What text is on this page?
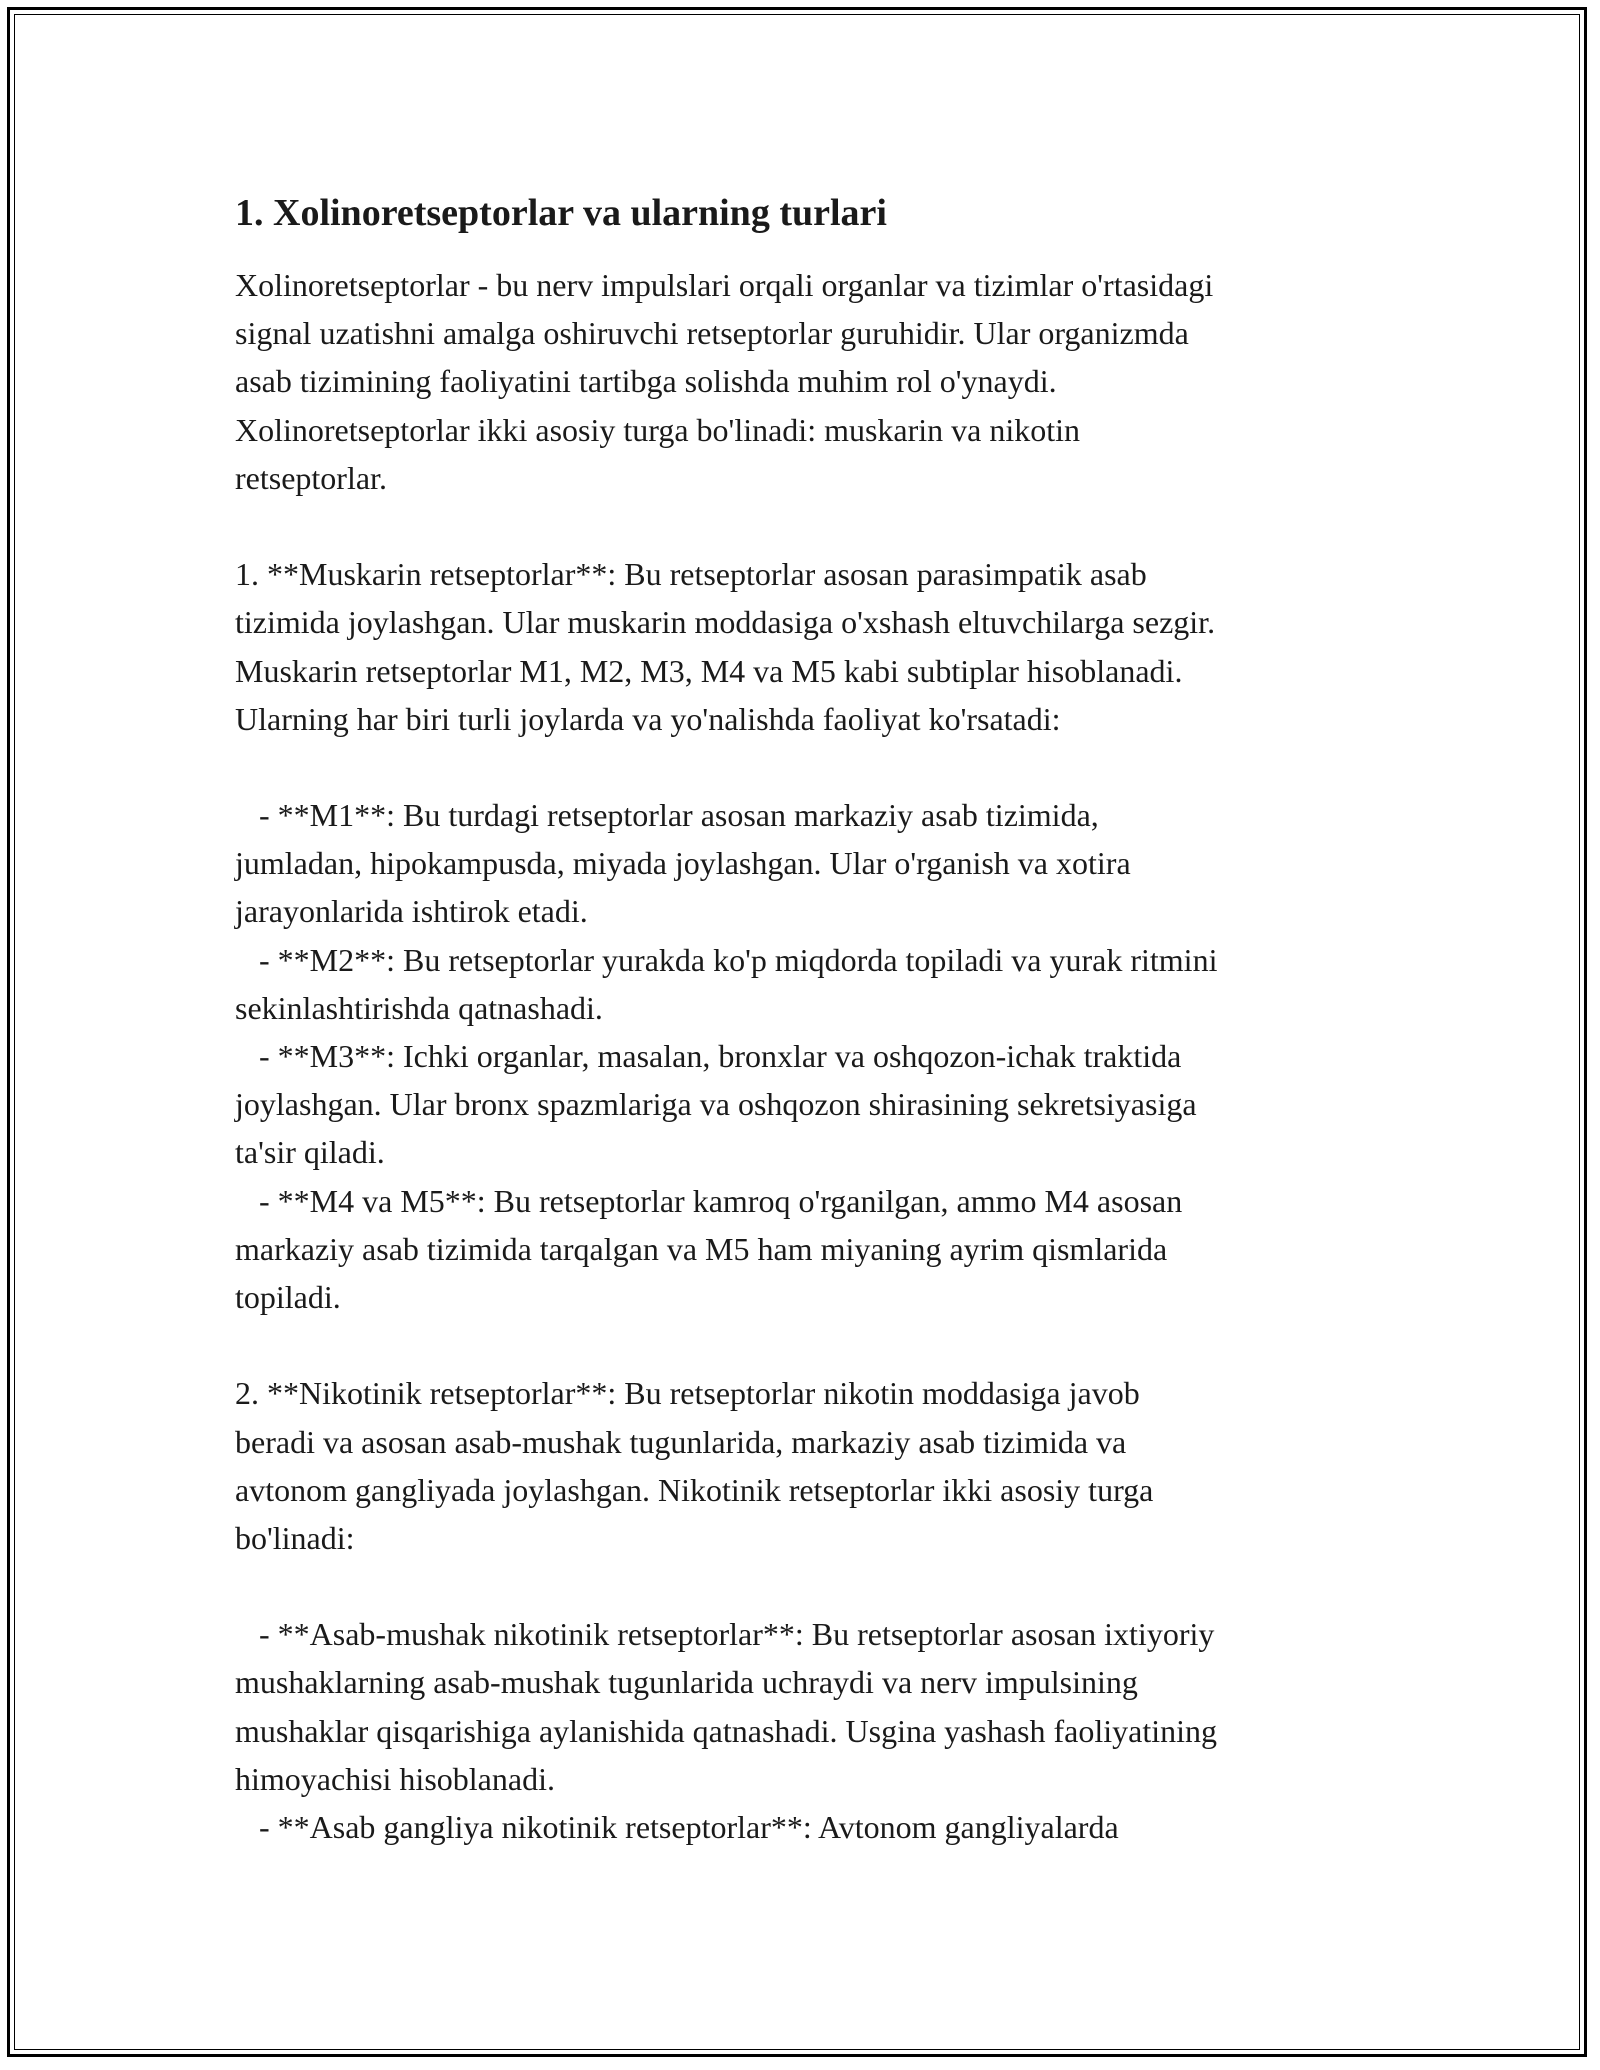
1. Xolinoretseptorlar va ularning turlari
Xolinoretseptorlar - bu nerv impulslari orqali organlar va tizimlar o'rtasidagi
signal uzatishni amalga oshiruvchi retseptorlar guruhidir. Ular organizmda
asab tizimining faoliyatini tartibga solishda muhim rol o'ynaydi.
Xolinoretseptorlar ikki asosiy turga bo'linadi: muskarin va nikotin
retseptorlar.
1. **Muskarin retseptorlar**: Bu retseptorlar asosan parasimpatik asab
tizimida joylashgan. Ular muskarin moddasiga o'xshash eltuvchilarga sezgir.
Muskarin retseptorlar M1, M2, M3, M4 va M5 kabi subtiplar hisoblanadi.
Ularning har biri turli joylarda va yo'nalishda faoliyat ko'rsatadi:
- **M1**: Bu turdagi retseptorlar asosan markaziy asab tizimida,
jumladan, hipokampusda, miyada joylashgan. Ular o'rganish va xotira
jarayonlarida ishtirok etadi.
- **M2**: Bu retseptorlar yurakda ko'p miqdorda topiladi va yurak ritmini
sekinlashtirishda qatnashadi.
- **M3**: Ichki organlar, masalan, bronxlar va oshqozon-ichak traktida
joylashgan. Ular bronx spazmlariga va oshqozon shirasining sekretsiyasiga
ta'sir qiladi.
- **M4 va M5**: Bu retseptorlar kamroq o'rganilgan, ammo M4 asosan
markaziy asab tizimida tarqalgan va M5 ham miyaning ayrim qismlarida
topiladi.
2. **Nikotinik retseptorlar**: Bu retseptorlar nikotin moddasiga javob
beradi va asosan asab-mushak tugunlarida, markaziy asab tizimida va
avtonom gangliyada joylashgan. Nikotinik retseptorlar ikki asosiy turga
bo'linadi:
- **Asab-mushak nikotinik retseptorlar**: Bu retseptorlar asosan ixtiyoriy
mushaklarning asab-mushak tugunlarida uchraydi va nerv impulsining
mushaklar qisqarishiga aylanishida qatnashadi. Usgina yashash faoliyatining
himoyachisi hisoblanadi.
- **Asab gangliya nikotinik retseptorlar**: Avtonom gangliyalarda
